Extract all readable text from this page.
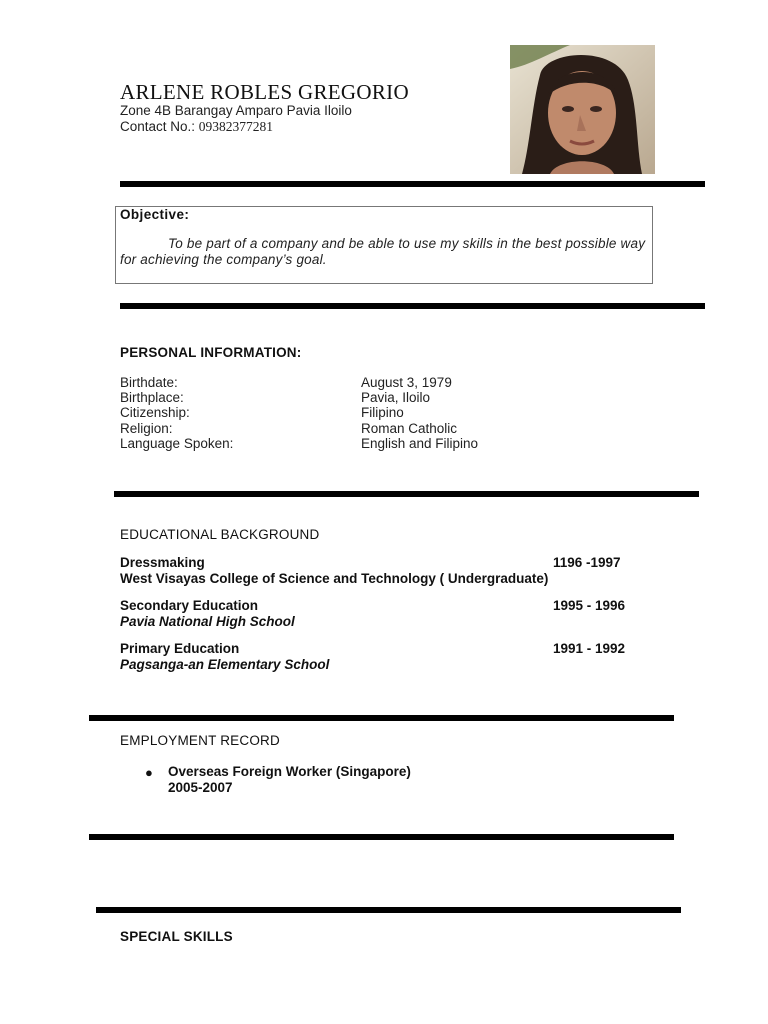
ARLENE ROBLES GREGORIO
Zone 4B Barangay Amparo Pavia Iloilo
Contact No.: 09382377281
Objective:
To be part of a company and be able to use my skills in the best possible way for achieving the company’s goal.
PERSONAL INFORMATION:
Birthdate:	August 3, 1979
Birthplace:	Pavia, Iloilo
Citizenship:	Filipino
Religion:	Roman Catholic
Language Spoken:	English and Filipino
EDUCATIONAL BACKGROUND
Dressmaking	1196 -1997
West Visayas College of Science and Technology ( Undergraduate)
Secondary Education	1995 - 1996
Pavia National High School
Primary Education	1991 - 1992
Pagsanga-an Elementary School
EMPLOYMENT RECORD
● Overseas Foreign Worker (Singapore)
2005-2007
SPECIAL SKILLS
